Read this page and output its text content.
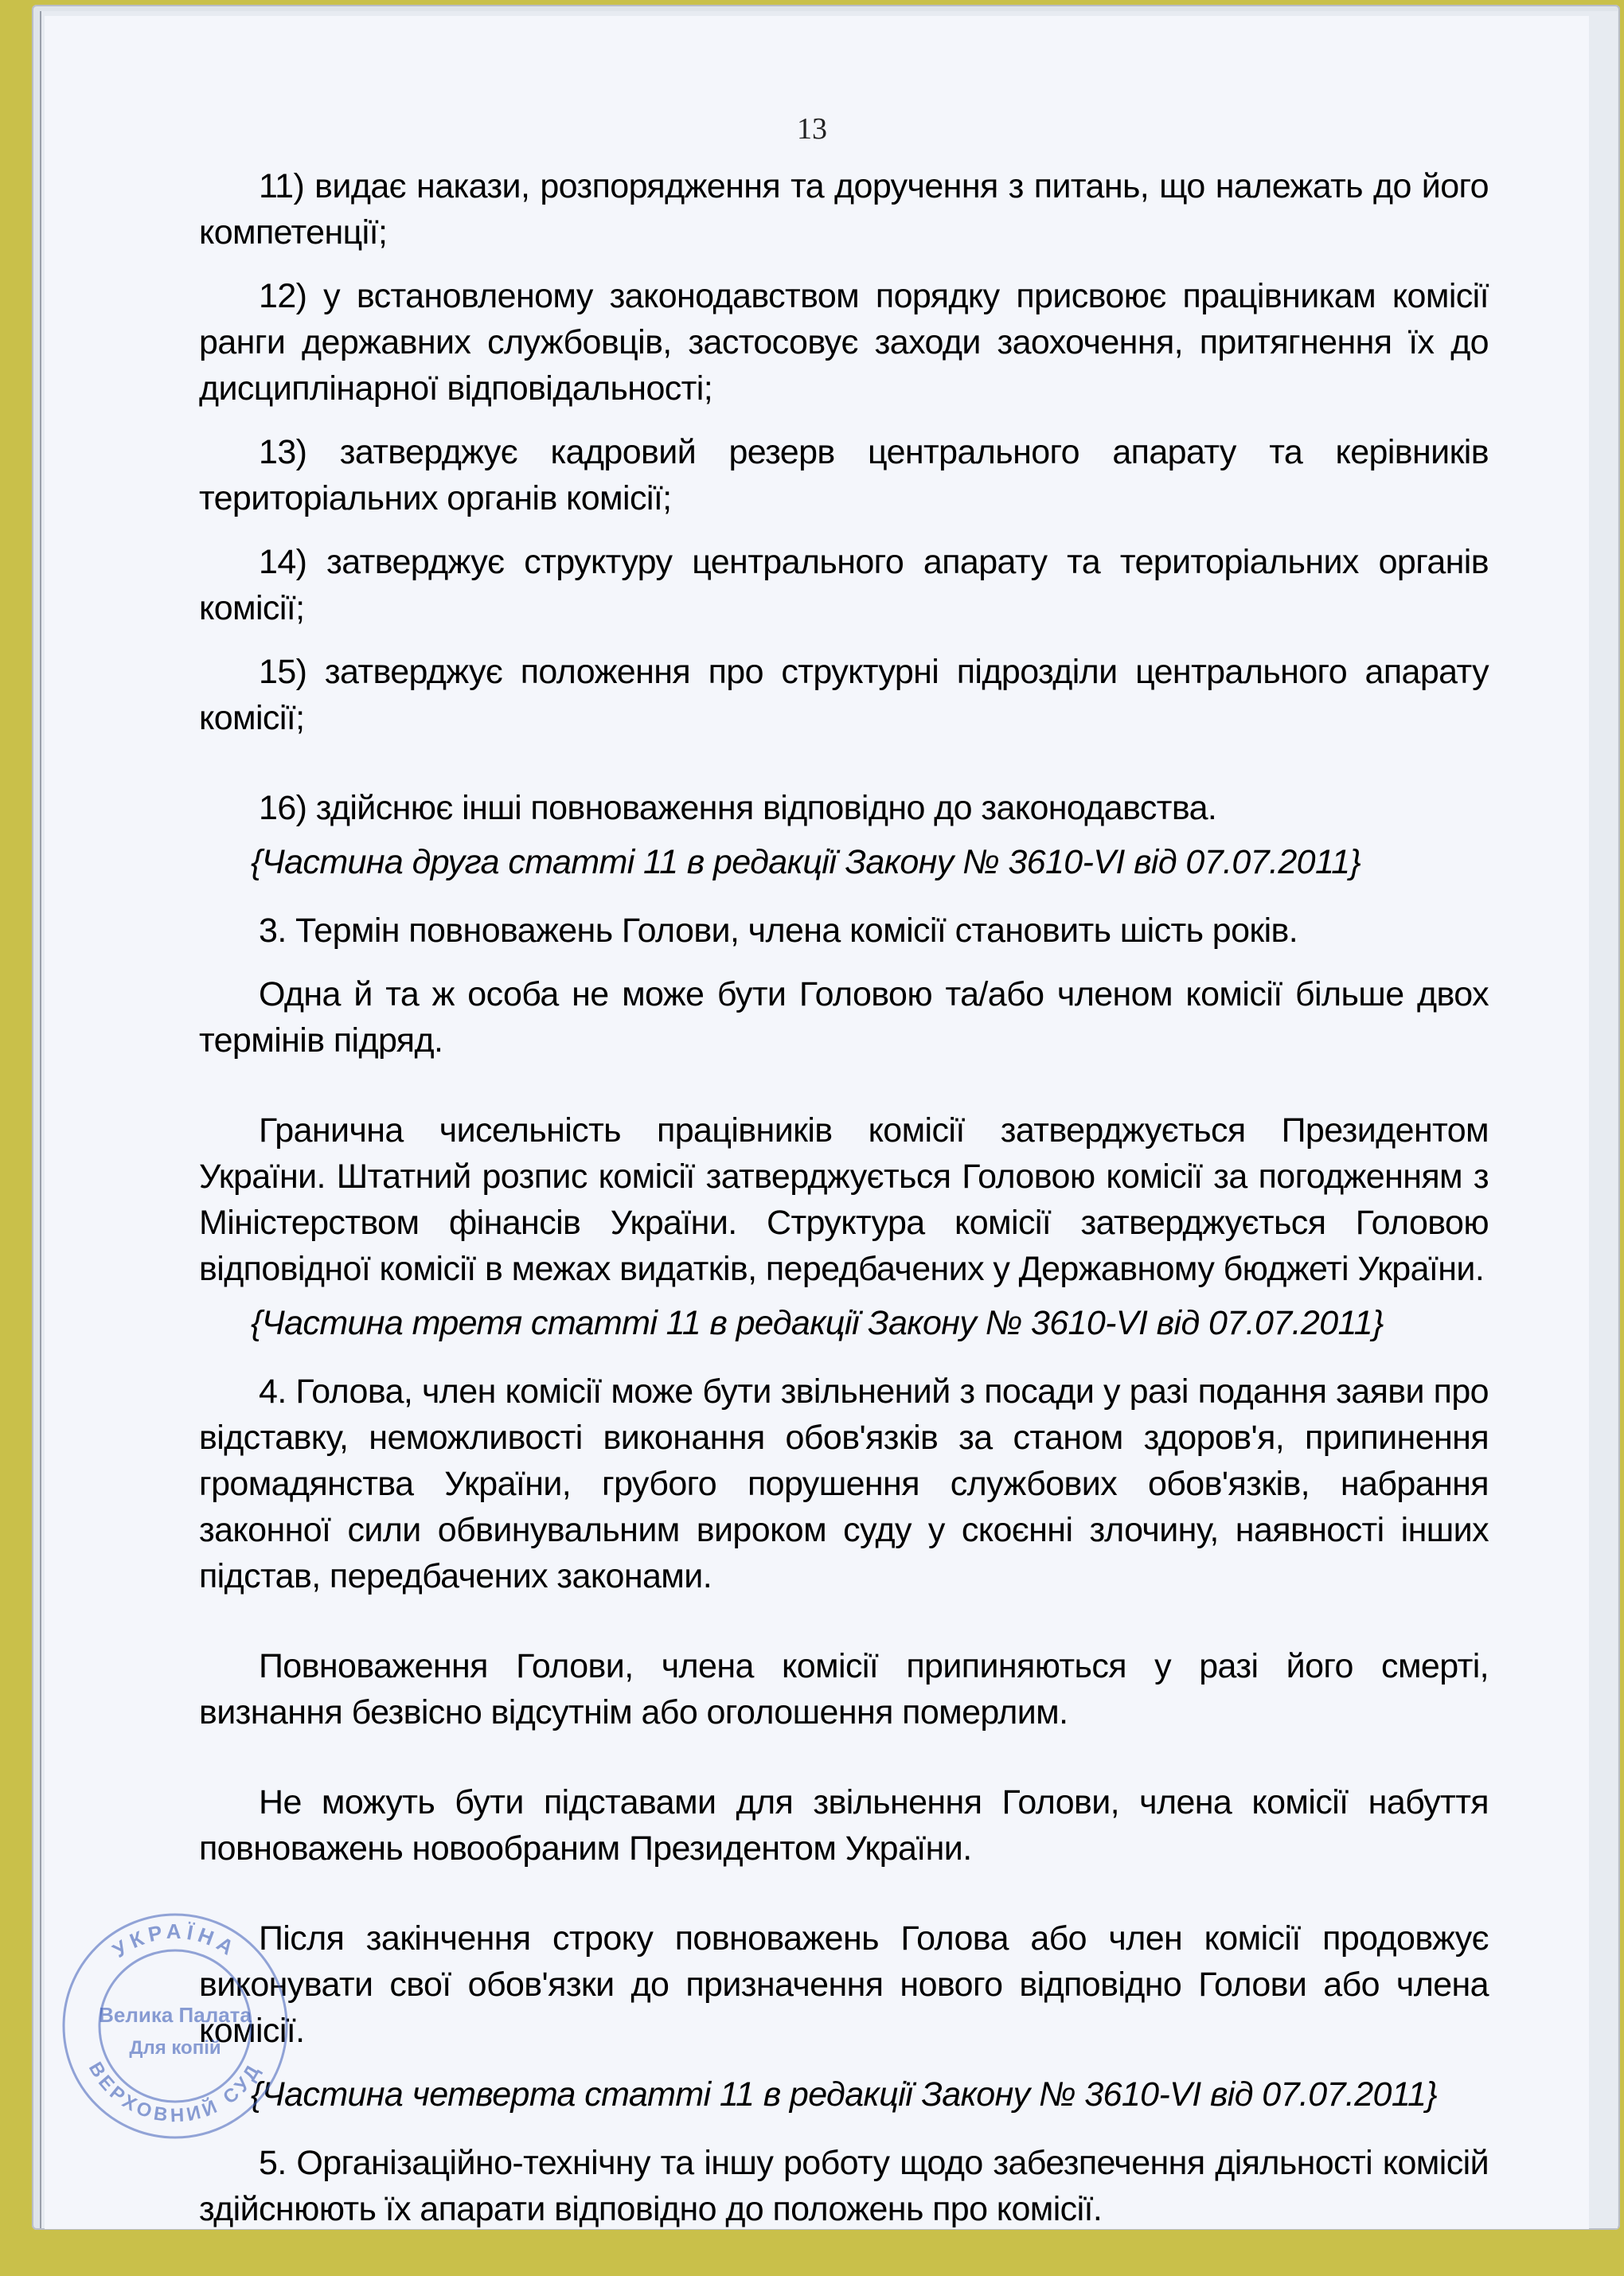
13

11) видає накази, розпорядження та доручення з питань, що належать до його компетенції;

12) у встановленому законодавством порядку присвоює працівникам комісії ранги державних службовців, застосовує заходи заохочення, притягнення їх до дисциплінарної відповідальності;

13) затверджує кадровий резерв центрального апарату та керівників територіальних органів комісії;

14) затверджує структуру центрального апарату та територіальних органів комісії;

15) затверджує положення про структурні підрозділи центрального апарату комісії;

16) здійснює інші повноваження відповідно до законодавства.

{Частина друга статті 11 в редакції Закону № 3610-VI від 07.07.2011}

3. Термін повноважень Голови, члена комісії становить шість років.

Одна й та ж особа не може бути Головою та/або членом комісії більше двох термінів підряд.

Гранична чисельність працівників комісії затверджується Президентом України. Штатний розпис комісії затверджується Головою комісії за погодженням з Міністерством фінансів України. Структура комісії затверджується Головою відповідної комісії в межах видатків, передбачених у Державному бюджеті України.

{Частина третя статті 11 в редакції Закону № 3610-VI від 07.07.2011}

4. Голова, член комісії може бути звільнений з посади у разі подання заяви про відставку, неможливості виконання обов'язків за станом здоров'я, припинення громадянства України, грубого порушення службових обов'язків, набрання законної сили обвинувальним вироком суду у скоєнні злочину, наявності інших підстав, передбачених законами.

Повноваження Голови, члена комісії припиняються у разі його смерті, визнання безвісно відсутнім або оголошення померлим.

Не можуть бути підставами для звільнення Голови, члена комісії набуття повноважень новообраним Президентом України.

Після закінчення строку повноважень Голова або член комісії продовжує виконувати свої обов'язки до призначення нового відповідно Голови або члена комісії.

{Частина четверта статті 11 в редакції Закону № 3610-VI від 07.07.2011}

5. Організаційно-технічну та іншу роботу щодо забезпечення діяльності комісій здійснюють їх апарати відповідно до положень про комісії.

УКРАЇНА
ВЕРХОВНИЙ СУД
Велика Палата
Для копій
